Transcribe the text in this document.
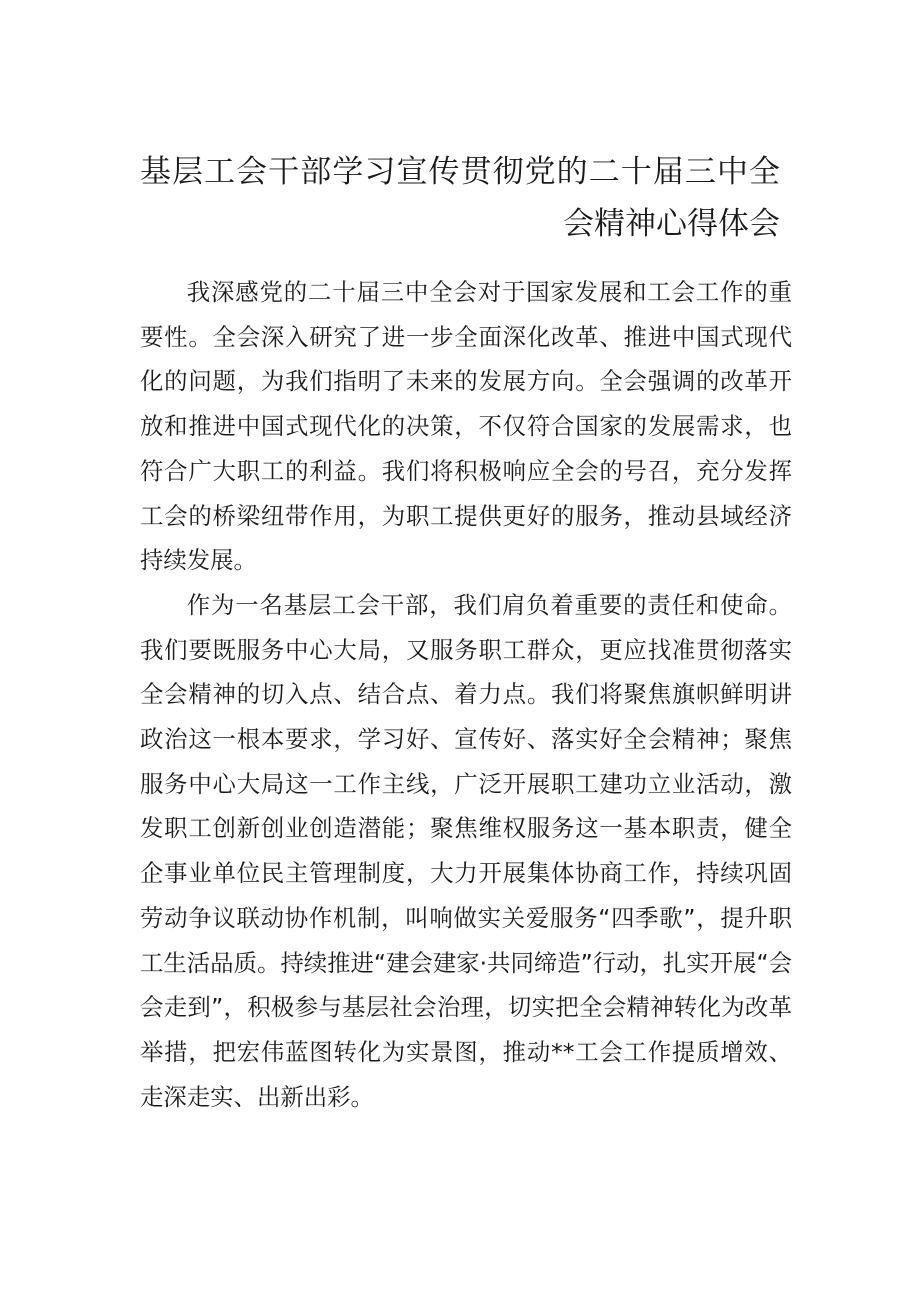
基层工会干部学习宣传贯彻党的二十届三中全会精神心得体会

我深感党的二十届三中全会对于国家发展和工会工作的重要性。全会深入研究了进一步全面深化改革、推进中国式现代化的问题，为我们指明了未来的发展方向。全会强调的改革开放和推进中国式现代化的决策，不仅符合国家的发展需求，也符合广大职工的利益。我们将积极响应全会的号召，充分发挥工会的桥梁纽带作用，为职工提供更好的服务，推动县域经济持续发展。

作为一名基层工会干部，我们肩负着重要的责任和使命。我们要既服务中心大局，又服务职工群众，更应找准贯彻落实全会精神的切入点、结合点、着力点。我们将聚焦旗帜鲜明讲政治这一根本要求，学习好、宣传好、落实好全会精神；聚焦服务中心大局这一工作主线，广泛开展职工建功立业活动，激发职工创新创业创造潜能；聚焦维权服务这一基本职责，健全企事业单位民主管理制度，大力开展集体协商工作，持续巩固劳动争议联动协作机制，叫响做实关爱服务“四季歌”，提升职工生活品质。持续推进“建会建家·共同缔造”行动，扎实开展“会会走到”，积极参与基层社会治理，切实把全会精神转化为改革举措，把宏伟蓝图转化为实景图，推动**工会工作提质增效、走深走实、出新出彩。
